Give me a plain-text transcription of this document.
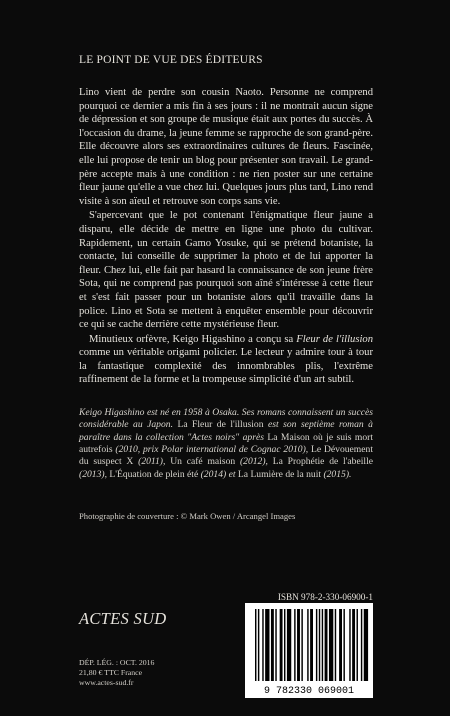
LE POINT DE VUE DES ÉDITEURS

Lino vient de perdre son cousin Naoto. Personne ne comprend pourquoi ce dernier a mis fin à ses jours : il ne montrait aucun signe de dépression et son groupe de musique était aux portes du succès. À l'occasion du drame, la jeune femme se rapproche de son grand-père. Elle découvre alors ses extraordinaires cultures de fleurs. Fascinée, elle lui propose de tenir un blog pour présenter son travail. Le grand-père accepte mais à une condition : ne rien poster sur une certaine fleur jaune qu'elle a vue chez lui. Quelques jours plus tard, Lino rend visite à son aïeul et retrouve son corps sans vie.

S'apercevant que le pot contenant l'énigmatique fleur jaune a disparu, elle décide de mettre en ligne une photo du cultivar. Rapidement, un certain Gamo Yosuke, qui se prétend botaniste, la contacte, lui conseille de supprimer la photo et de lui apporter la fleur. Chez lui, elle fait par hasard la connaissance de son jeune frère Sota, qui ne comprend pas pourquoi son aîné s'intéresse à cette fleur et s'est fait passer pour un botaniste alors qu'il travaille dans la police. Lino et Sota se mettent à enquêter ensemble pour découvrir ce qui se cache derrière cette mystérieuse fleur.

Minutieux orfèvre, Keigo Higashino a conçu sa Fleur de l'illusion comme un véritable origami policier. Le lecteur y admire tour à tour la fantastique complexité des innombrables plis, l'extrême raffinement de la forme et la trompeuse simplicité d'un art subtil.

Keigo Higashino est né en 1958 à Osaka. Ses romans connaissent un succès considérable au Japon. La Fleur de l'illusion est son septième roman à paraître dans la collection "Actes noirs" après La Maison où je suis mort autrefois (2010, prix Polar international de Cognac 2010), Le Dévouement du suspect X (2011), Un café maison (2012), La Prophétie de l'abeille (2013), L'Équation de plein été (2014) et La Lumière de la nuit (2015).

Photographie de couverture : © Mark Owen / Arcangel Images
ISBN 978-2-330-06900-1
ACTES SUD
DÉP. LÉG. : OCT. 2016
21,80 € TTC France
www.actes-sud.fr
9 782330 069001
